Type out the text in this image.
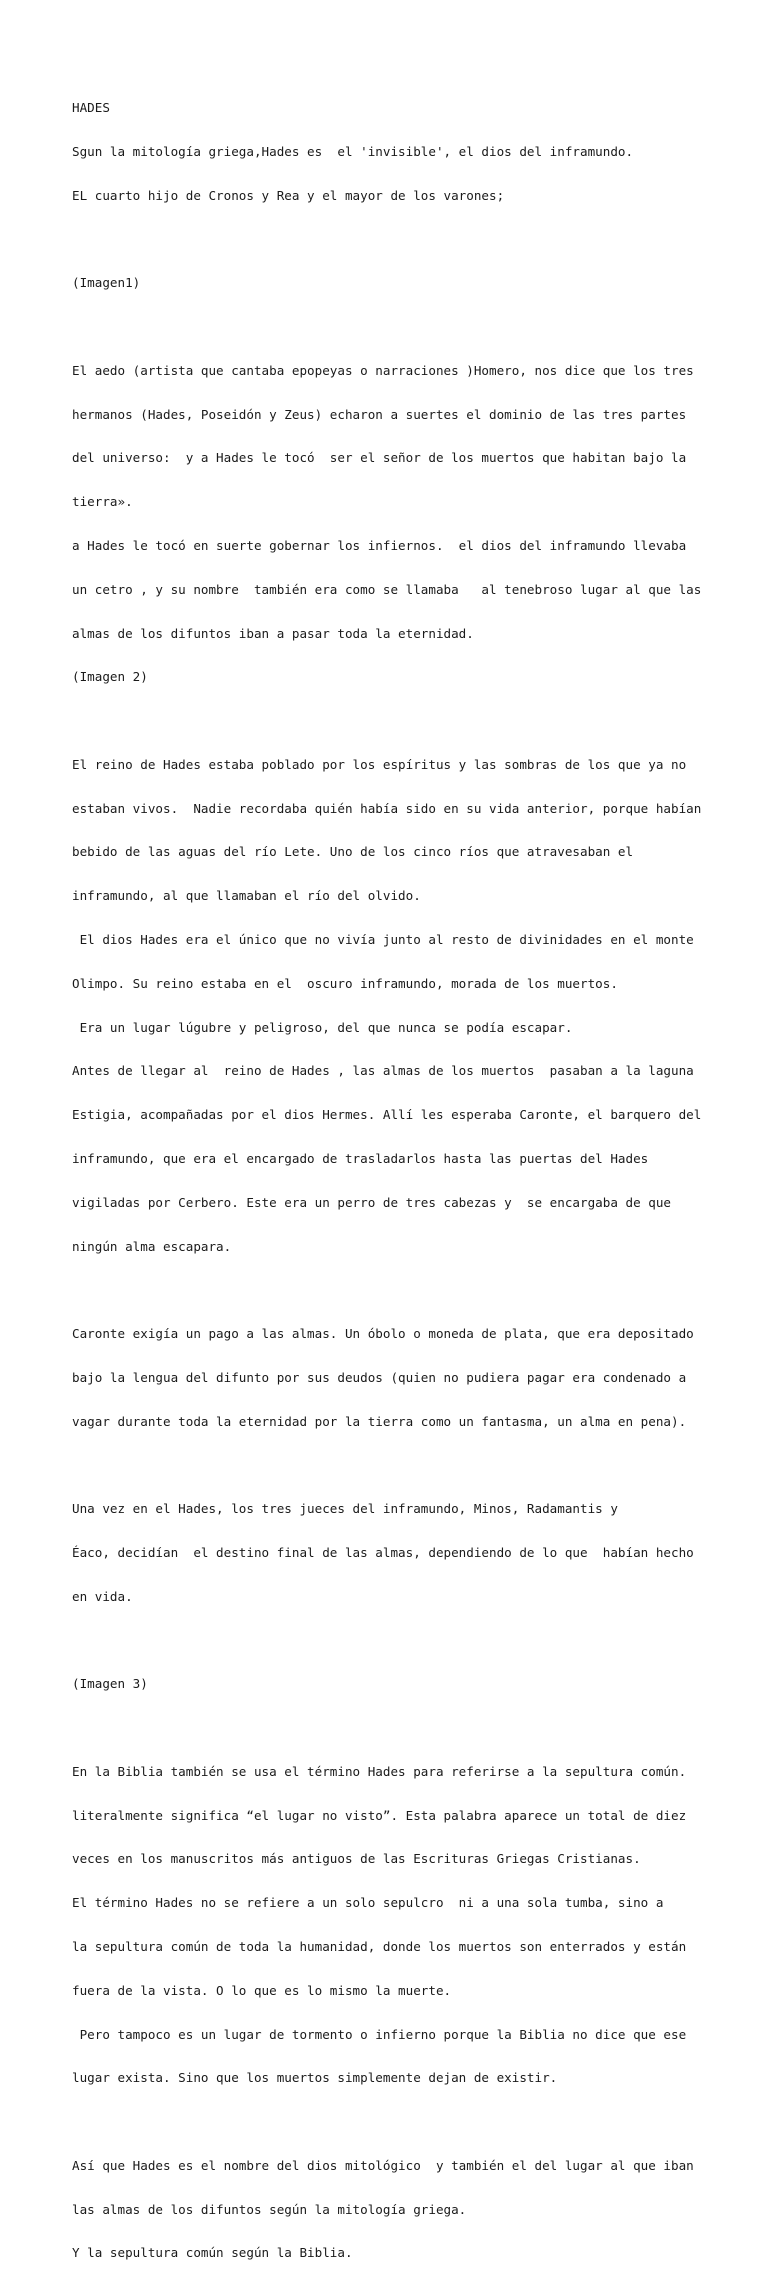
HADES

Sgun la mitología griega,Hades es  el 'invisible', el dios del inframundo.

EL cuarto hijo de Cronos y Rea y el mayor de los varones;

(Imagen1)

El aedo (artista que cantaba epopeyas o narraciones )Homero, nos dice que los tres

hermanos (Hades, Poseidón y Zeus) echaron a suertes el dominio de las tres partes

del universo:  y a Hades le tocó  ser el señor de los muertos que habitan bajo la

tierra».

a Hades le tocó en suerte gobernar los infiernos.  el dios del inframundo llevaba

un cetro , y su nombre  también era como se llamaba   al tenebroso lugar al que las

almas de los difuntos iban a pasar toda la eternidad.

(Imagen 2)

El reino de Hades estaba poblado por los espíritus y las sombras de los que ya no

estaban vivos.  Nadie recordaba quién había sido en su vida anterior, porque habían

bebido de las aguas del río Lete. Uno de los cinco ríos que atravesaban el

inframundo, al que llamaban el río del olvido.

El dios Hades era el único que no vivía junto al resto de divinidades en el monte

Olimpo. Su reino estaba en el  oscuro inframundo, morada de los muertos.

Era un lugar lúgubre y peligroso, del que nunca se podía escapar.

Antes de llegar al  reino de Hades , las almas de los muertos  pasaban a la laguna

Estigia, acompañadas por el dios Hermes. Allí les esperaba Caronte, el barquero del

inframundo, que era el encargado de trasladarlos hasta las puertas del Hades

vigiladas por Cerbero. Este era un perro de tres cabezas y  se encargaba de que

ningún alma escapara.

Caronte exigía un pago a las almas. Un óbolo o moneda de plata, que era depositado

bajo la lengua del difunto por sus deudos (quien no pudiera pagar era condenado a

vagar durante toda la eternidad por la tierra como un fantasma, un alma en pena).

Una vez en el Hades, los tres jueces del inframundo, Minos, Radamantis y

Éaco, decidían  el destino final de las almas, dependiendo de lo que  habían hecho

en vida.

(Imagen 3)

En la Biblia también se usa el término Hades para referirse a la sepultura común.

literalmente significa “el lugar no visto”. Esta palabra aparece un total de diez

veces en los manuscritos más antiguos de las Escrituras Griegas Cristianas.

El término Hades no se refiere a un solo sepulcro  ni a una sola tumba, sino a

la sepultura común de toda la humanidad, donde los muertos son enterrados y están

fuera de la vista. O lo que es lo mismo la muerte.

Pero tampoco es un lugar de tormento o infierno porque la Biblia no dice que ese

lugar exista. Sino que los muertos simplemente dejan de existir.

Así que Hades es el nombre del dios mitológico  y también el del lugar al que iban

las almas de los difuntos según la mitología griega.

Y la sepultura común según la Biblia.
